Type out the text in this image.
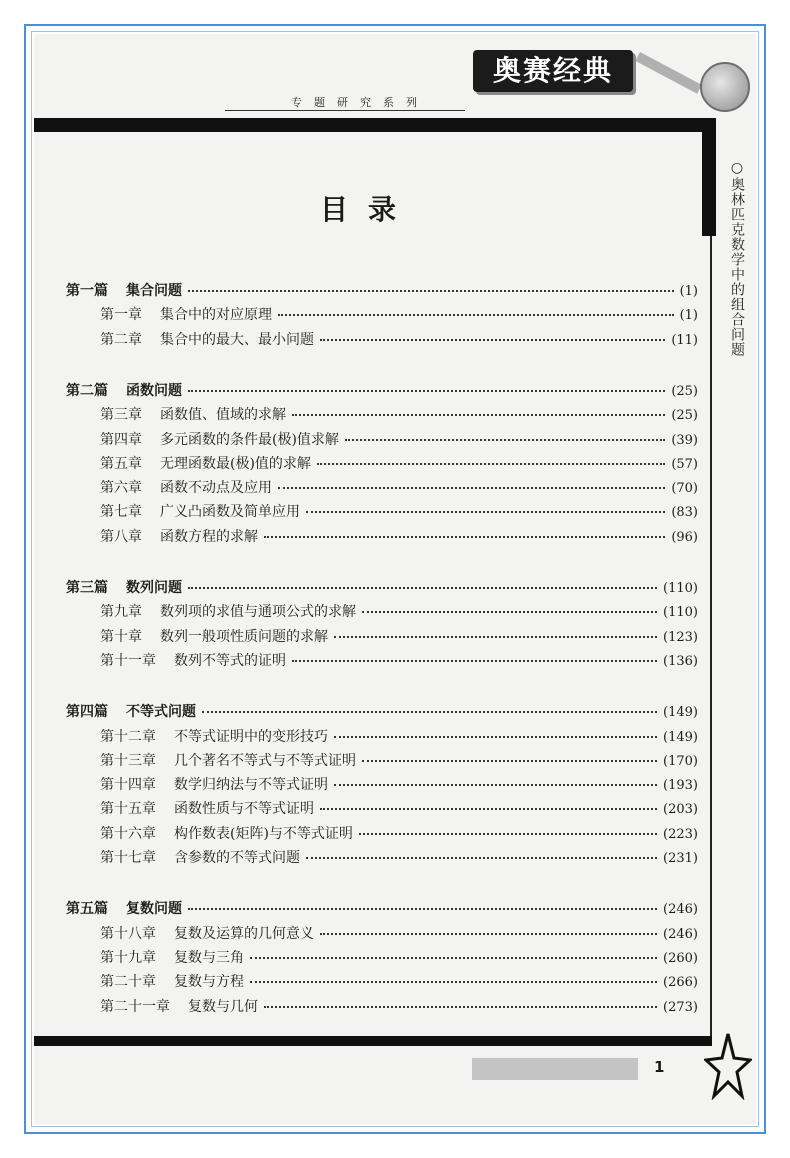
奥赛经典
专题研究系列
○奥林匹克数学中的组合问题
目录
第一篇 集合问题	(1)
第一章 集合中的对应原理	(1)
第二章 集合中的最大、最小问题	(11)
第二篇 函数问题	(25)
第三章 函数值、值域的求解	(25)
第四章 多元函数的条件最(极)值求解	(39)
第五章 无理函数最(极)值的求解	(57)
第六章 函数不动点及应用	(70)
第七章 广义凸函数及简单应用	(83)
第八章 函数方程的求解	(96)
第三篇 数列问题	(110)
第九章 数列项的求值与通项公式的求解	(110)
第十章 数列一般项性质问题的求解	(123)
第十一章 数列不等式的证明	(136)
第四篇 不等式问题	(149)
第十二章 不等式证明中的变形技巧	(149)
第十三章 几个著名不等式与不等式证明	(170)
第十四章 数学归纳法与不等式证明	(193)
第十五章 函数性质与不等式证明	(203)
第十六章 构作数表(矩阵)与不等式证明	(223)
第十七章 含参数的不等式问题	(231)
第五篇 复数问题	(246)
第十八章 复数及运算的几何意义	(246)
第十九章 复数与三角	(260)
第二十章 复数与方程	(266)
第二十一章 复数与几何	(273)
1
